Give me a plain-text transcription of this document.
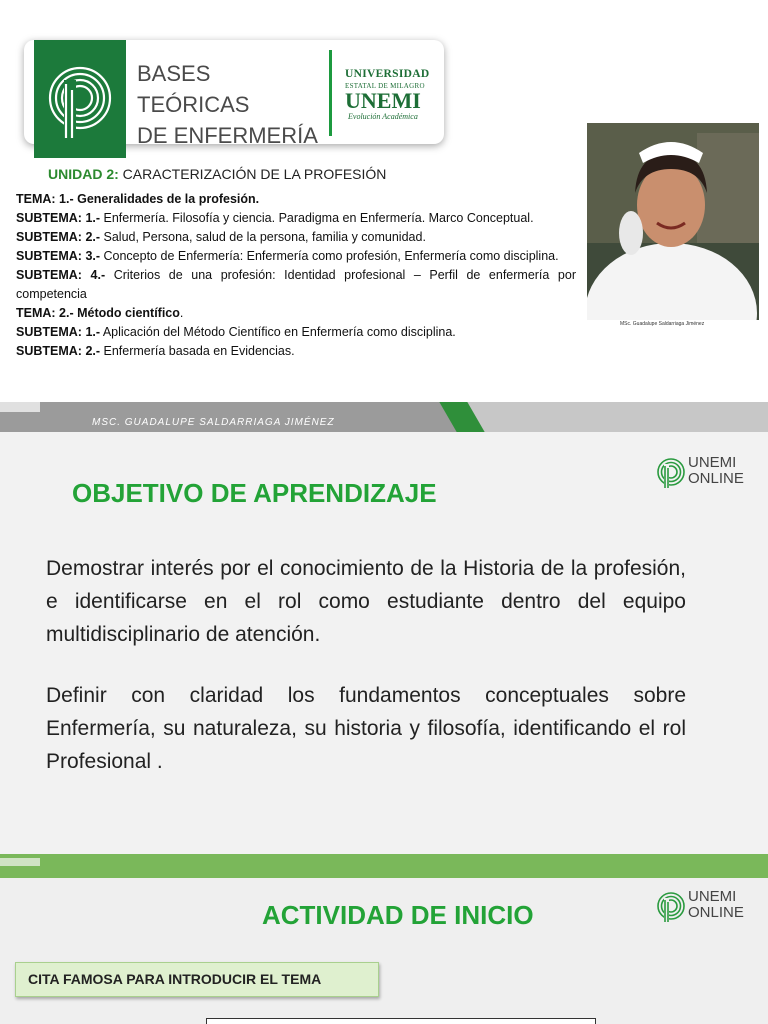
BASES TEÓRICAS
DE ENFERMERÍA
UNIVERSIDAD
ESTATAL DE MILAGRO
UNEMI
Evolución Académica
UNIDAD 2: CARACTERIZACIÓN DE LA PROFESIÓN

TEMA: 1.- Generalidades de la profesión.

SUBTEMA: 1.- Enfermería. Filosofía y ciencia. Paradigma en Enfermería. Marco Conceptual.

SUBTEMA: 2.- Salud, Persona, salud de la persona, familia y comunidad.

SUBTEMA: 3.- Concepto de Enfermería: Enfermería como profesión, Enfermería como disciplina.

SUBTEMA: 4.- Criterios de una profesión: Identidad profesional – Perfil de enfermería por competencia

TEMA: 2.- Método científico.

SUBTEMA: 1.- Aplicación del Método Científico en Enfermería como disciplina.

SUBTEMA: 2.- Enfermería basada en Evidencias.

MSc. Guadalupe Saldarriaga Jiménez
MSC. GUADALUPE SALDARRIAGA JIMÉNEZ
UNEMI
ONLINE
OBJETIVO DE APRENDIZAJE

Demostrar interés por el conocimiento de la Historia de la profesión, e identificarse en el rol como estudiante dentro del equipo multidisciplinario de atención.

Definir con claridad los fundamentos conceptuales sobre Enfermería, su naturaleza, su historia y filosofía, identificando el rol Profesional .

UNEMI
ONLINE
ACTIVIDAD DE INICIO
CITA FAMOSA PARA INTRODUCIR EL TEMA
